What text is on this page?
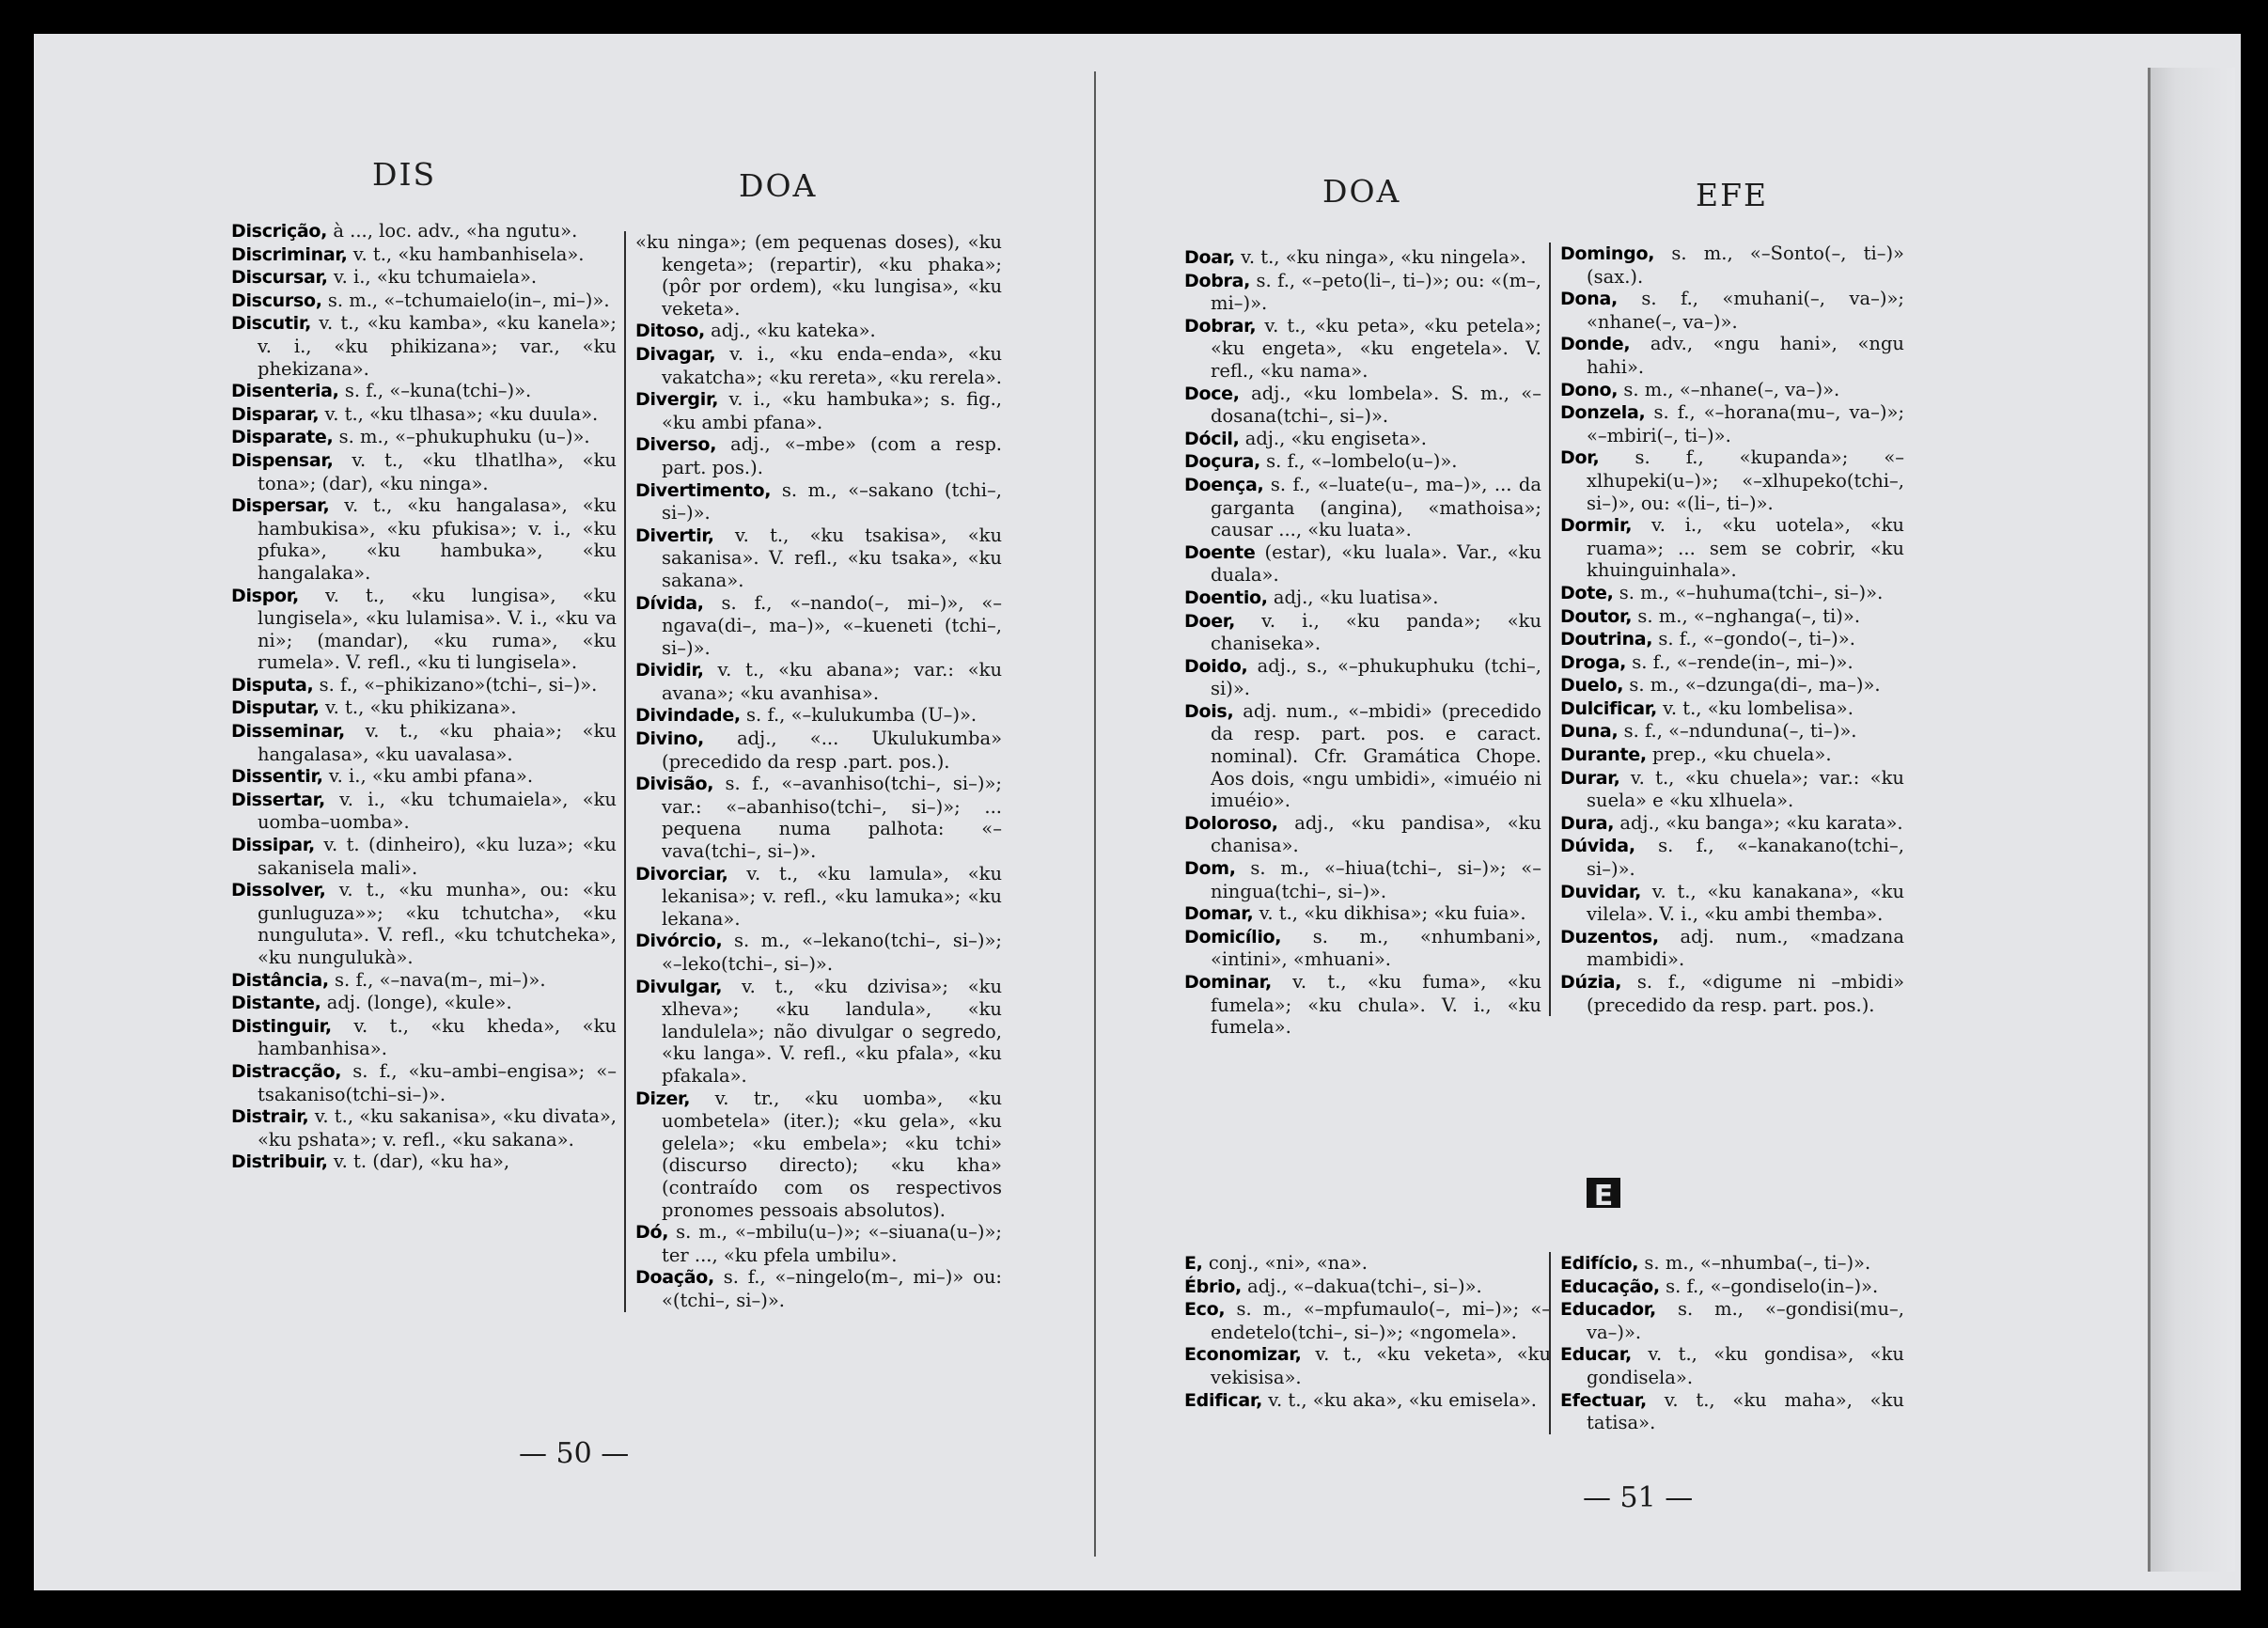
DIS	DOA

Discrição, à ..., loc. adv., «ha ngutu».

Discriminar, v. t., «ku hambanhisela».

Discursar, v. i., «ku tchumaiela».

Discurso, s. m., «–tchumaielo(in–, mi–)».

Discutir, v. t., «ku kamba», «ku kanela»; v. i., «ku phikizana»; var., «ku phekizana».

Disenteria, s. f., «–kuna(tchi–)».

Disparar, v. t., «ku tlhasa»; «ku duula».

Disparate, s. m., «–phukuphuku (u–)».

Dispensar, v. t., «ku tlhatlha», «ku tona»; (dar), «ku ninga».

Dispersar, v. t., «ku hangalasa», «ku hambukisa», «ku pfukisa»; v. i., «ku pfuka», «ku hambuka», «ku hangalaka».

Dispor, v. t., «ku lungisa», «ku lungisela», «ku lulamisa». V. i., «ku va ni»; (mandar), «ku ruma», «ku rumela». V. refl., «ku ti lungisela».

Disputa, s. f., «–phikizano»(tchi–, si–)».

Disputar, v. t., «ku phikizana».

Disseminar, v. t., «ku phaia»; «ku hangalasa», «ku uavalasa».

Dissentir, v. i., «ku ambi pfana».

Dissertar, v. i., «ku tchumaiela», «ku uomba–uomba».

Dissipar, v. t. (dinheiro), «ku luza»; «ku sakanisela mali».

Dissolver, v. t., «ku munha», ou: «ku gunluguza»»; «ku tchutcha», «ku nunguluta». V. refl., «ku tchutcheka», «ku nungulukà».

Distância, s. f., «–nava(m–, mi–)».

Distante, adj. (longe), «kule».

Distinguir, v. t., «ku kheda», «ku hambanhisa».

Distracção, s. f., «ku–ambi–engisa»; «–tsakaniso(tchi–si–)».

Distrair, v. t., «ku sakanisa», «ku divata», «ku pshata»; v. refl., «ku sakana».

Distribuir, v. t. (dar), «ku ha»,

«ku ninga»; (em pequenas doses), «ku kengeta»; (repartir), «ku phaka»; (pôr por ordem), «ku lungisa», «ku veketa».

Ditoso, adj., «ku kateka».

Divagar, v. i., «ku enda–enda», «ku vakatcha»; «ku rereta», «ku rerela».

Divergir, v. i., «ku hambuka»; s. fig., «ku ambi pfana».

Diverso, adj., «–mbe» (com a resp. part. pos.).

Divertimento, s. m., «–sakano (tchi–, si–)».

Divertir, v. t., «ku tsakisa», «ku sakanisa». V. refl., «ku tsaka», «ku sakana».

Dívida, s. f., «–nando(–, mi–)», «–ngava(di–, ma–)», «–kueneti (tchi–, si–)».

Dividir, v. t., «ku abana»; var.: «ku avana»; «ku avanhisa».

Divindade, s. f., «–kulukumba (U–)».

Divino, adj., «... Ukulukumba» (precedido da resp .part. pos.).

Divisão, s. f., «–avanhiso(tchi–, si–)»; var.: «–abanhiso(tchi–, si–)»; ... pequena numa palhota: «–vava(tchi–, si–)».

Divorciar, v. t., «ku lamula», «ku lekanisa»; v. refl., «ku lamuka»; «ku lekana».

Divórcio, s. m., «–lekano(tchi–, si–)»; «–leko(tchi–, si–)».

Divulgar, v. t., «ku dzivisa»; «ku xlheva»; «ku landula», «ku landulela»; não divulgar o segredo, «ku langa». V. refl., «ku pfala», «ku pfakala».

Dizer, v. tr., «ku uomba», «ku uombetela» (iter.); «ku gela», «ku gelela»; «ku embela»; «ku tchi» (discurso directo); «ku kha» (contraído com os respectivos pronomes pessoais absolutos).

Dó, s. m., «–mbilu(u–)»; «–siuana(u–)»; ter ..., «ku pfela umbilu».

Doação, s. f., «–ningelo(m–, mi–)» ou: «(tchi–, si–)».

— 50 —
DOA	EFE

Doar, v. t., «ku ninga», «ku ningela».

Dobra, s. f., «–peto(li–, ti–)»; ou: «(m–, mi–)».

Dobrar, v. t., «ku peta», «ku petela»; «ku engeta», «ku engetela». V. refl., «ku nama».

Doce, adj., «ku lombela». S. m., «–dosana(tchi–, si–)».

Dócil, adj., «ku engiseta».

Doçura, s. f., «–lombelo(u–)».

Doença, s. f., «–luate(u–, ma–)», ... da garganta (angina), «mathoisa»; causar ..., «ku luata».

Doente (estar), «ku luala». Var., «ku duala».

Doentio, adj., «ku luatisa».

Doer, v. i., «ku panda»; «ku chaniseka».

Doido, adj., s., «–phukuphuku (tchi–, si)».

Dois, adj. num., «–mbidi» (precedido da resp. part. pos. e caract. nominal). Cfr. Gramática Chope. Aos dois, «ngu umbidi», «imuéio ni imuéio».

Doloroso, adj., «ku pandisa», «ku chanisa».

Dom, s. m., «–hiua(tchi–, si–)»; «–ningua(tchi–, si–)».

Domar, v. t., «ku dikhisa»; «ku fuia».

Domicílio, s. m., «nhumbani», «intini», «mhuani».

Dominar, v. t., «ku fuma», «ku fumela»; «ku chula». V. i., «ku fumela».

Domingo, s. m., «–Sonto(–, ti–)» (sax.).

Dona, s. f., «muhani(–, va–)»; «nhane(–, va–)».

Donde, adv., «ngu hani», «ngu hahi».

Dono, s. m., «–nhane(–, va–)».

Donzela, s. f., «–horana(mu–, va–)»; «–mbiri(–, ti–)».

Dor, s. f., «kupanda»; «–xlhupeki(u–)»; «–xlhupeko(tchi–, si–)», ou: «(li–, ti–)».

Dormir, v. i., «ku uotela», «ku ruama»; ... sem se cobrir, «ku khuinguinhala».

Dote, s. m., «–huhuma(tchi–, si–)».

Doutor, s. m., «–nghanga(–, ti)».

Doutrina, s. f., «–gondo(–, ti–)».

Droga, s. f., «–rende(in–, mi–)».

Duelo, s. m., «–dzunga(di–, ma–)».

Dulcificar, v. t., «ku lombelisa».

Duna, s. f., «–ndunduna(–, ti–)».

Durante, prep., «ku chuela».

Durar, v. t., «ku chuela»; var.: «ku suela» e «ku xlhuela».

Dura, adj., «ku banga»; «ku karata».

Dúvida, s. f., «–kanakano(tchi–, si–)».

Duvidar, v. t., «ku kanakana», «ku vilela». V. i., «ku ambi themba».

Duzentos, adj. num., «madzana mambidi».

Dúzia, s. f., «digume ni –mbidi» (precedido da resp. part. pos.).

E

E, conj., «ni», «na».

Ébrio, adj., «–dakua(tchi–, si–)».

Eco, s. m., «–mpfumaulo(–, mi–)»; «–endetelo(tchi–, si–)»; «ngomela».

Economizar, v. t., «ku veketa», «ku vekisisa».

Edificar, v. t., «ku aka», «ku emisela».

Edifício, s. m., «–nhumba(–, ti–)».

Educação, s. f., «–gondiselo(in–)».

Educador, s. m., «–gondisi(mu–, va–)».

Educar, v. t., «ku gondisa», «ku gondisela».

Efectuar, v. t., «ku maha», «ku tatisa».

— 51 —
